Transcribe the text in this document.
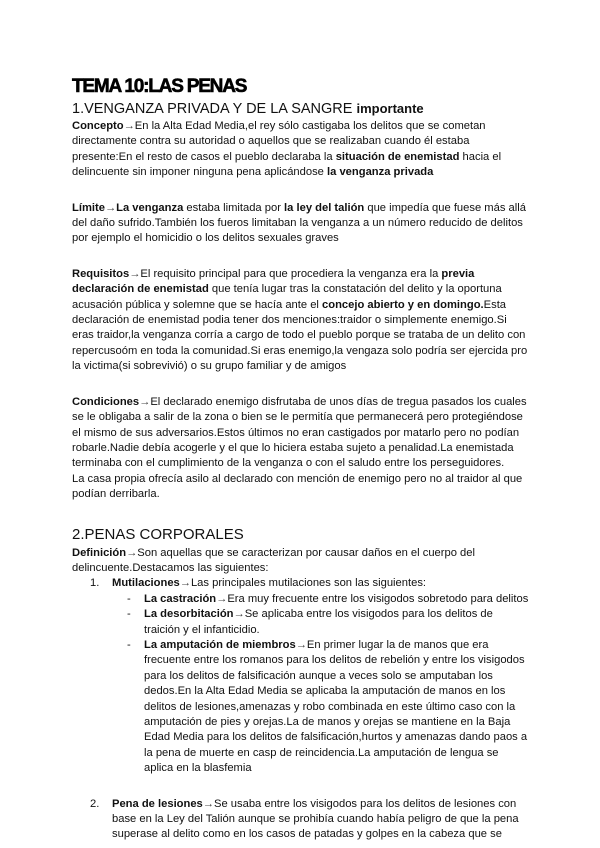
TEMA 10:LAS PENAS
1.VENGANZA PRIVADA Y DE LA SANGRE importante

Concepto→En la Alta Edad Media,el rey sólo castigaba los delitos que se cometan directamente contra su autoridad o aquellos que se realizaban cuando él estaba presente:En el resto de casos el pueblo declaraba la situación de enemistad hacia el delincuente sin imponer ninguna pena aplicándose la venganza privada

Límite→La venganza estaba limitada por la ley del talión que impedía que fuese más allá del daño sufrido.También los fueros limitaban la venganza a un número reducido de delitos por ejemplo el homicidio o los delitos sexuales graves

Requisitos→El requisito principal para que procediera la venganza era la previa declaración de enemistad que tenía lugar tras la constatación del delito y la oportuna acusación pública y solemne que se hacía ante el concejo abierto y en domingo.Esta declaración de enemistad podia tener dos menciones:traidor o simplemente enemigo.Si eras traidor,la venganza corría a cargo de todo el pueblo porque se trataba de un delito con repercusoóm en toda la comunidad.Si eras enemigo,la vengaza solo podría ser ejercida pro la victima(si sobrevivió) o su grupo familiar y de amigos

Condiciones→El declarado enemigo disfrutaba de unos días de tregua pasados los cuales se le obligaba a salir de la zona o bien se le permitía que permanecerá pero protegiéndose el mismo de sus adversarios.Estos últimos no eran castigados por matarlo pero no podían robarle.Nadie debía acogerle y el que lo hiciera estaba sujeto a penalidad.La enemistada terminaba con el cumplimiento de la venganza o con el saludo entre los perseguidores.

La casa propia ofrecía asilo al declarado con mención de enemigo pero no al traidor al que podían derribarla.

2.PENAS CORPORALES

Definición→Son aquellas que se caracterizan por causar daños en el cuerpo del delincuente.Destacamos las siguientes:

1. Mutilaciones→Las principales mutilaciones son las siguientes:
- La castración→Era muy frecuente entre los visigodos sobretodo para delitos
- La desorbitación→Se aplicaba entre los visigodos para los delitos de traición y el infanticidio.
- La amputación de miembros→En primer lugar la de manos que era frecuente entre los romanos para los delitos de rebelión y entre los visigodos para los delitos de falsificación aunque a veces solo se amputaban los dedos.En la Alta Edad Media se aplicaba la amputación de manos en los delitos de lesiones,amenazas y robo combinada en este último caso con la amputación de pies y orejas.La de manos y orejas se mantiene en la Baja Edad Media para los delitos de falsificación,hurtos y amenazas dando paos a la pena de muerte en casp de reincidencia.La amputación de lengua se aplica en la blasfemia
2. Pena de lesiones→Se usaba entre los visigodos para los delitos de lesiones con base en la Ley del Talión aunque se prohibía cuando había peligro de que la pena superase al delito como en los casos de patadas y golpes en la cabeza que se
